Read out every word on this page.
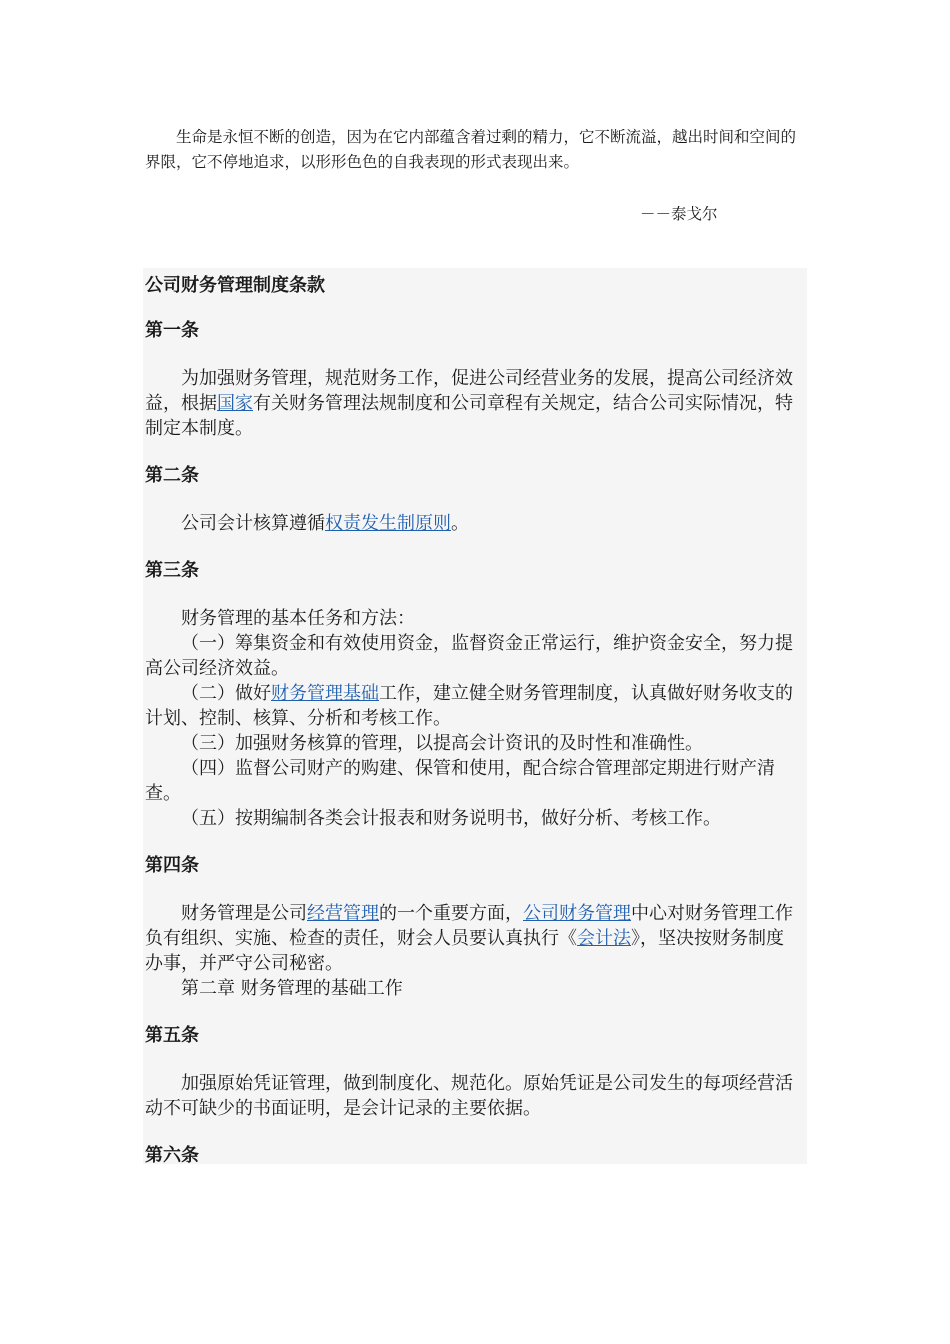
生命是永恒不断的创造，因为在它内部蕴含着过剩的精力，它不断流溢，越出时间和空间的界限，它不停地追求，以形形色色的自我表现的形式表现出来。

－－泰戈尔

公司财务管理制度条款

第一条

为加强财务管理，规范财务工作，促进公司经营业务的发展，提高公司经济效益，根据国家有关财务管理法规制度和公司章程有关规定，结合公司实际情况，特制定本制度。

第二条

公司会计核算遵循权责发生制原则。

第三条

财务管理的基本任务和方法：

（一）筹集资金和有效使用资金，监督资金正常运行，维护资金安全，努力提高公司经济效益。

（二）做好财务管理基础工作，建立健全财务管理制度，认真做好财务收支的计划、控制、核算、分析和考核工作。

（三）加强财务核算的管理，以提高会计资讯的及时性和准确性。

（四）监督公司财产的购建、保管和使用，配合综合管理部定期进行财产清查。

（五）按期编制各类会计报表和财务说明书，做好分析、考核工作。

第四条

财务管理是公司经营管理的一个重要方面，公司财务管理中心对财务管理工作负有组织、实施、检查的责任，财会人员要认真执行《会计法》，坚决按财务制度办事，并严守公司秘密。

第二章 财务管理的基础工作

第五条

加强原始凭证管理，做到制度化、规范化。原始凭证是公司发生的每项经营活动不可缺少的书面证明，是会计记录的主要依据。

第六条
